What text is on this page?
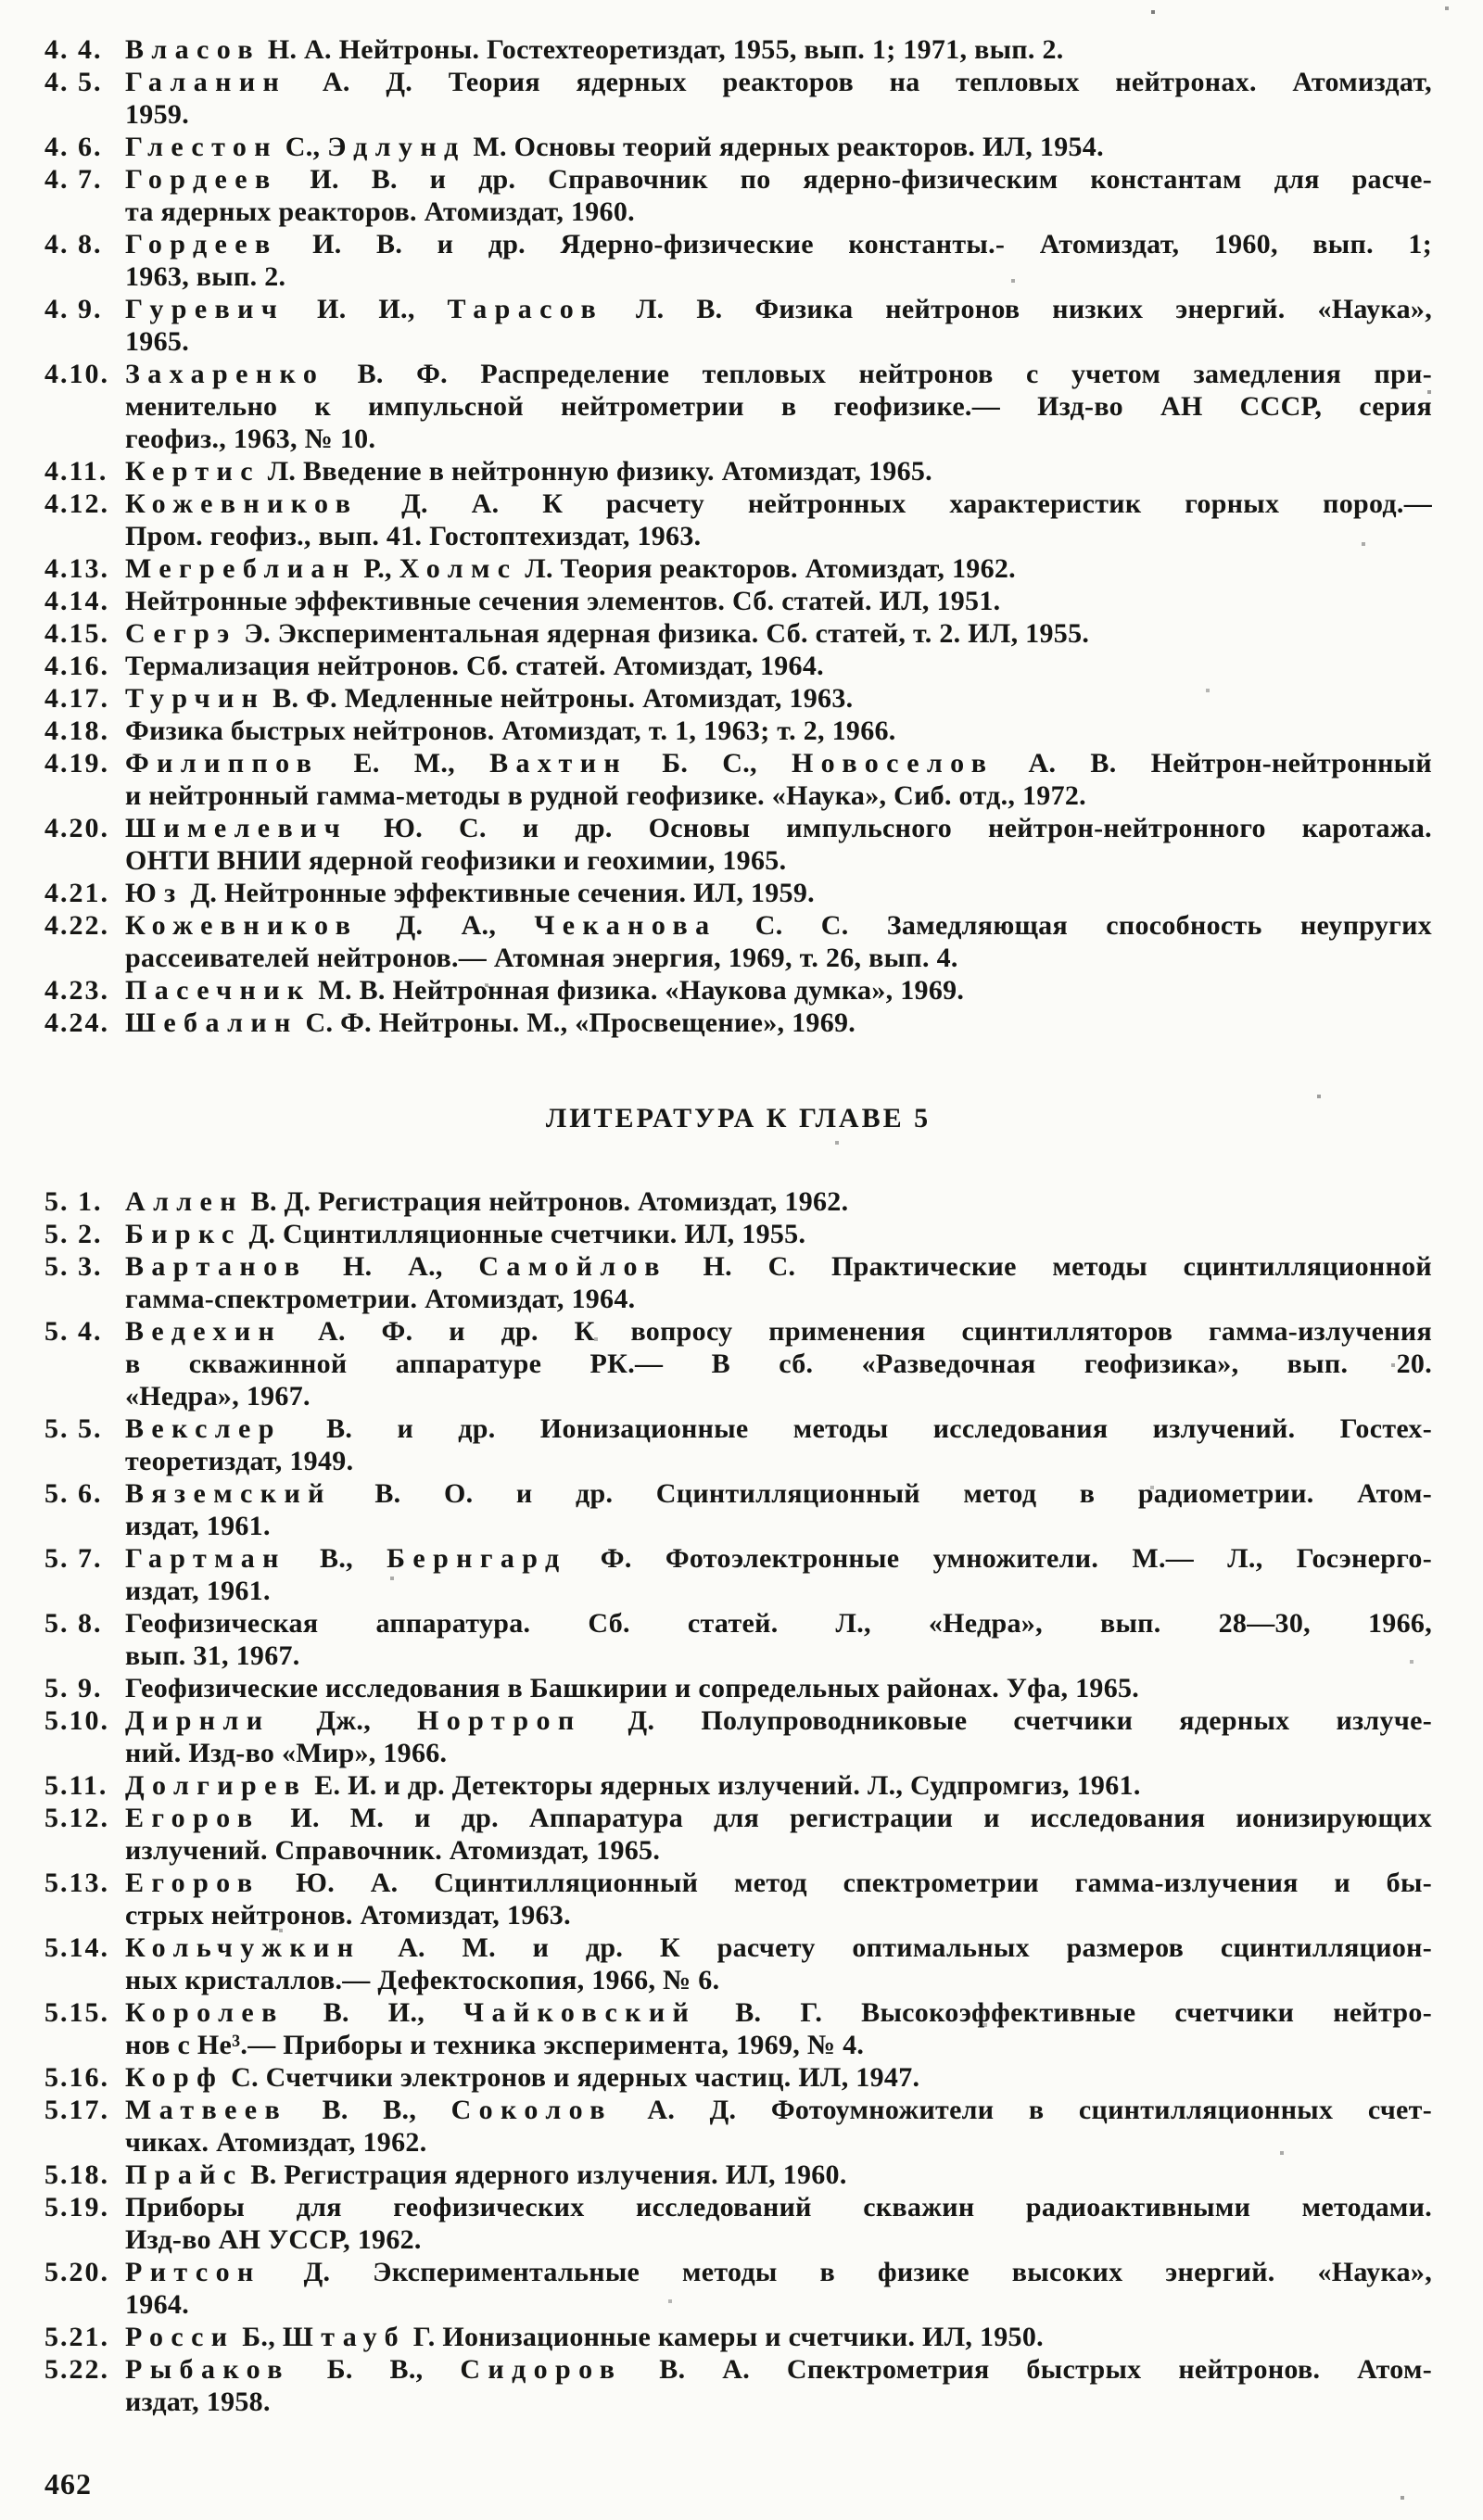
4. 4. Власов Н. А. Нейтроны. Гостехтеоретиздат, 1955, вып. 1; 1971, вып. 2.
4. 5. Галанин А. Д. Теория ядерных реакторов на тепловых нейтронах. Атомиздат,
1959.
4. 6. Глестон С., Эдлунд М. Основы теорий ядерных реакторов. ИЛ, 1954.
4. 7. Гордеев И. В. и др. Справочник по ядерно-физическим константам для расче-
та ядерных реакторов. Атомиздат, 1960.
4. 8. Гордеев И. В. и др. Ядерно-физические константы.- Атомиздат, 1960, вып. 1;
1963, вып. 2.
4. 9. Гуревич И. И., Тарасов Л. В. Физика нейтронов низких энергий. «Наука»,
1965.
4.10. Захаренко В. Ф. Распределение тепловых нейтронов с учетом замедления при-
менительно к импульсной нейтрометрии в геофизике.— Изд-во АН СССР, серия
геофиз., 1963, № 10.
4.11. Кертис Л. Введение в нейтронную физику. Атомиздат, 1965.
4.12. Кожевников Д. А. К расчету нейтронных характеристик горных пород.—
Пром. геофиз., вып. 41. Гостоптехиздат, 1963.
4.13. Мегреблиан Р., Холмс Л. Теория реакторов. Атомиздат, 1962.
4.14. Нейтронные эффективные сечения элементов. Сб. статей. ИЛ, 1951.
4.15. Сегрэ Э. Экспериментальная ядерная физика. Сб. статей, т. 2. ИЛ, 1955.
4.16. Термализация нейтронов. Сб. статей. Атомиздат, 1964.
4.17. Турчин В. Ф. Медленные нейтроны. Атомиздат, 1963.
4.18. Физика быстрых нейтронов. Атомиздат, т. 1, 1963; т. 2, 1966.
4.19. Филиппов Е. М., Вахтин Б. С., Новоселов А. В. Нейтрон-нейтронный
и нейтронный гамма-методы в рудной геофизике. «Наука», Сиб. отд., 1972.
4.20. Шимелевич Ю. С. и др. Основы импульсного нейтрон-нейтронного каротажа.
ОНТИ ВНИИ ядерной геофизики и геохимии, 1965.
4.21. Юз Д. Нейтронные эффективные сечения. ИЛ, 1959.
4.22. Кожевников Д. А., Чеканова С. С. Замедляющая способность неупругих
рассеивателей нейтронов.— Атомная энергия, 1969, т. 26, вып. 4.
4.23. Пасечник М. В. Нейтронная физика. «Наукова думка», 1969.
4.24. Шебалин С. Ф. Нейтроны. М., «Просвещение», 1969.
ЛИТЕРАТУРА К ГЛАВЕ 5
5. 1. Аллен В. Д. Регистрация нейтронов. Атомиздат, 1962.
5. 2. Биркс Д. Сцинтилляционные счетчики. ИЛ, 1955.
5. 3. Вартанов Н. А., Самойлов Н. С. Практические методы сцинтилляционной
гамма-спектрометрии. Атомиздат, 1964.
5. 4. Ведехин А. Ф. и др. К вопросу применения сцинтилляторов гамма-излучения
в скважинной аппаратуре РК.— В сб. «Разведочная геофизика», вып. 20.
«Недра», 1967.
5. 5. Векслер В. и др. Ионизационные методы исследования излучений. Гостех-
теоретиздат, 1949.
5. 6. Вяземский В. О. и др. Сцинтилляционный метод в радиометрии. Атом-
издат, 1961.
5. 7. Гартман В., Бернгард Ф. Фотоэлектронные умножители. М.— Л., Госэнерго-
издат, 1961.
5. 8. Геофизическая аппаратура. Сб. статей. Л., «Недра», вып. 28—30, 1966,
вып. 31, 1967.
5. 9. Геофизические исследования в Башкирии и сопредельных районах. Уфа, 1965.
5.10. Дирнли Дж., Нортроп Д. Полупроводниковые счетчики ядерных излуче-
ний. Изд-во «Мир», 1966.
5.11. Долгирев Е. И. и др. Детекторы ядерных излучений. Л., Судпромгиз, 1961.
5.12. Егоров И. М. и др. Аппаратура для регистрации и исследования ионизирующих
излучений. Справочник. Атомиздат, 1965.
5.13. Егоров Ю. А. Сцинтилляционный метод спектрометрии гамма-излучения и бы-
стрых нейтронов. Атомиздат, 1963.
5.14. Кольчужкин А. М. и др. К расчету оптимальных размеров сцинтилляцион-
ных кристаллов.— Дефектоскопия, 1966, № 6.
5.15. Королев В. И., Чайковский В. Г. Высокоэффективные счетчики нейтро-
нов с Не³.— Приборы и техника эксперимента, 1969, № 4.
5.16. Корф С. Счетчики электронов и ядерных частиц. ИЛ, 1947.
5.17. Матвеев В. В., Соколов А. Д. Фотоумножители в сцинтилляционных счет-
чиках. Атомиздат, 1962.
5.18. Прайс В. Регистрация ядерного излучения. ИЛ, 1960.
5.19. Приборы для геофизических исследований скважин радиоактивными методами.
Изд-во АН УССР, 1962.
5.20. Ритсон Д. Экспериментальные методы в физике высоких энергий. «Наука»,
1964.
5.21. Росси Б., Штауб Г. Ионизационные камеры и счетчики. ИЛ, 1950.
5.22. Рыбаков Б. В., Сидоров В. А. Спектрометрия быстрых нейтронов. Атом-
издат, 1958.
462
